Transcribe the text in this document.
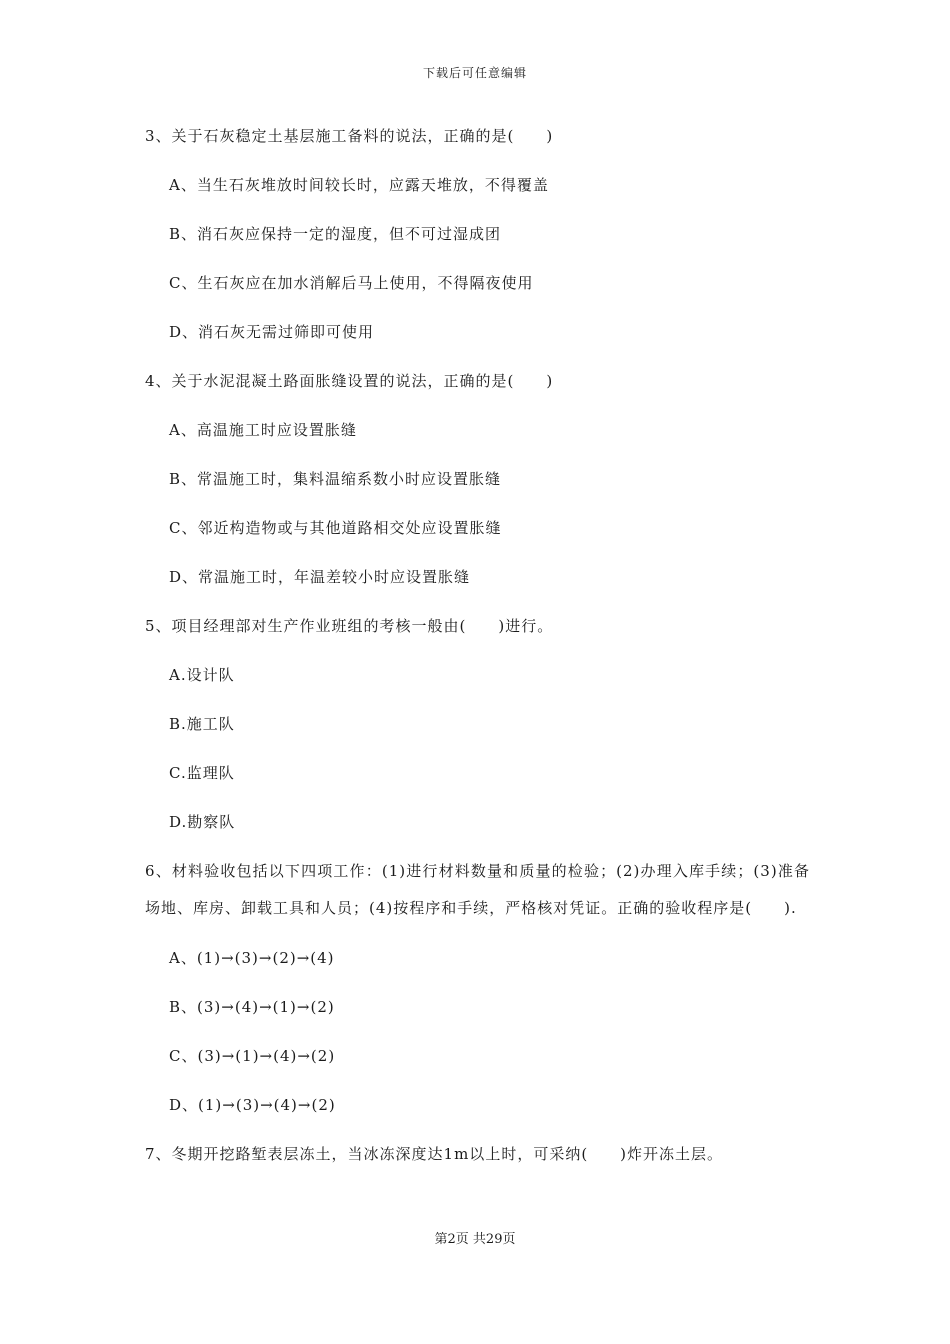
下载后可任意编辑
3、关于石灰稳定土基层施工备料的说法，正确的是(　　)
A、当生石灰堆放时间较长时，应露天堆放，不得覆盖
B、消石灰应保持一定的湿度，但不可过湿成团
C、生石灰应在加水消解后马上使用，不得隔夜使用
D、消石灰无需过筛即可使用
4、关于水泥混凝土路面胀缝设置的说法，正确的是(　　)
A、高温施工时应设置胀缝
B、常温施工时，集料温缩系数小时应设置胀缝
C、邻近构造物或与其他道路相交处应设置胀缝
D、常温施工时，年温差较小时应设置胀缝
5、项目经理部对生产作业班组的考核一般由(　　)进行。
A.设计队
B.施工队
C.监理队
D.勘察队
6、材料验收包括以下四项工作：(1)进行材料数量和质量的检验；(2)办理入库手续；(3)准备场地、库房、卸载工具和人员；(4)按程序和手续，严格核对凭证。正确的验收程序是(　　).
A、(1)→(3)→(2)→(4)
B、(3)→(4)→(1)→(2)
C、(3)→(1)→(4)→(2)
D、(1)→(3)→(4)→(2)
7、冬期开挖路堑表层冻土，当冰冻深度达1m以上时，可采纳(　　)炸开冻土层。
第2页 共29页
